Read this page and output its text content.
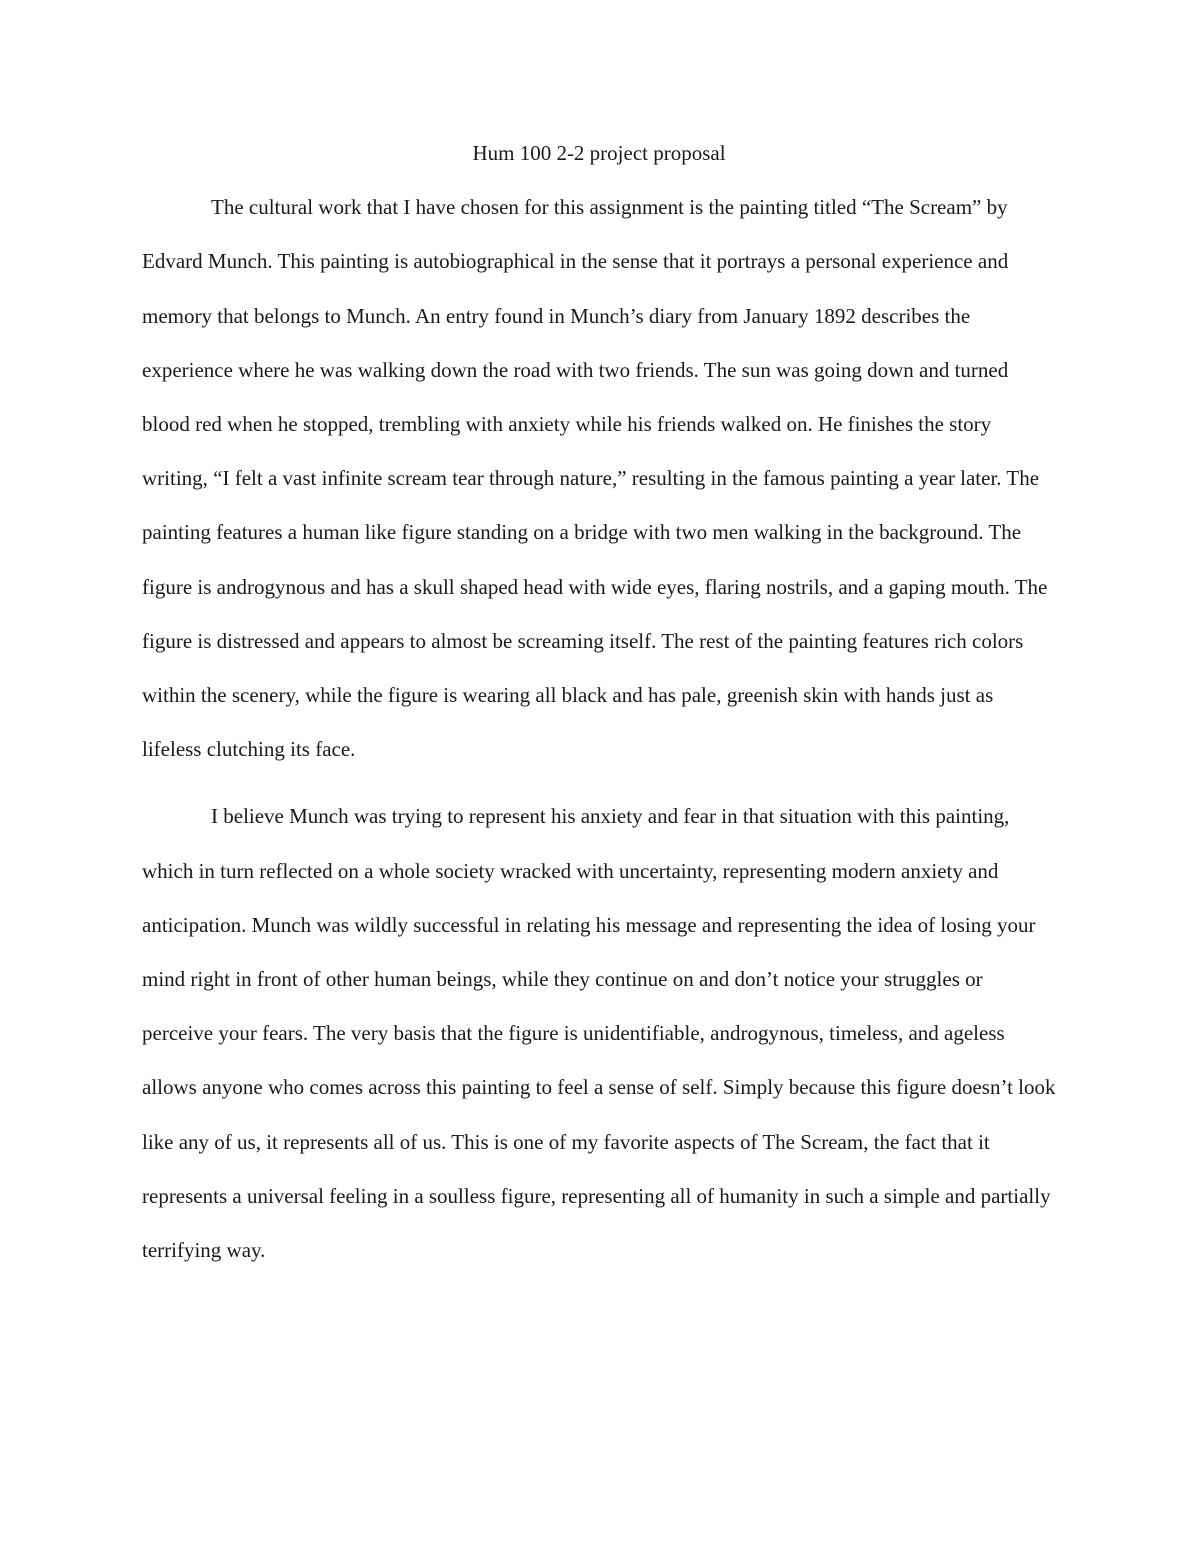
Hum 100 2-2 project proposal

The cultural work that I have chosen for this assignment is the painting titled “The Scream” by Edvard Munch. This painting is autobiographical in the sense that it portrays a personal experience and memory that belongs to Munch. An entry found in Munch’s diary from January 1892 describes the experience where he was walking down the road with two friends. The sun was going down and turned blood red when he stopped, trembling with anxiety while his friends walked on. He finishes the story writing, “I felt a vast infinite scream tear through nature,” resulting in the famous painting a year later. The painting features a human like figure standing on a bridge with two men walking in the background. The figure is androgynous and has a skull shaped head with wide eyes, flaring nostrils, and a gaping mouth. The figure is distressed and appears to almost be screaming itself. The rest of the painting features rich colors within the scenery, while the figure is wearing all black and has pale, greenish skin with hands just as lifeless clutching its face.

I believe Munch was trying to represent his anxiety and fear in that situation with this painting, which in turn reflected on a whole society wracked with uncertainty, representing modern anxiety and anticipation. Munch was wildly successful in relating his message and representing the idea of losing your mind right in front of other human beings, while they continue on and don’t notice your struggles or perceive your fears. The very basis that the figure is unidentifiable, androgynous, timeless, and ageless allows anyone who comes across this painting to feel a sense of self. Simply because this figure doesn’t look like any of us, it represents all of us. This is one of my favorite aspects of The Scream, the fact that it represents a universal feeling in a soulless figure, representing all of humanity in such a simple and partially terrifying way.
